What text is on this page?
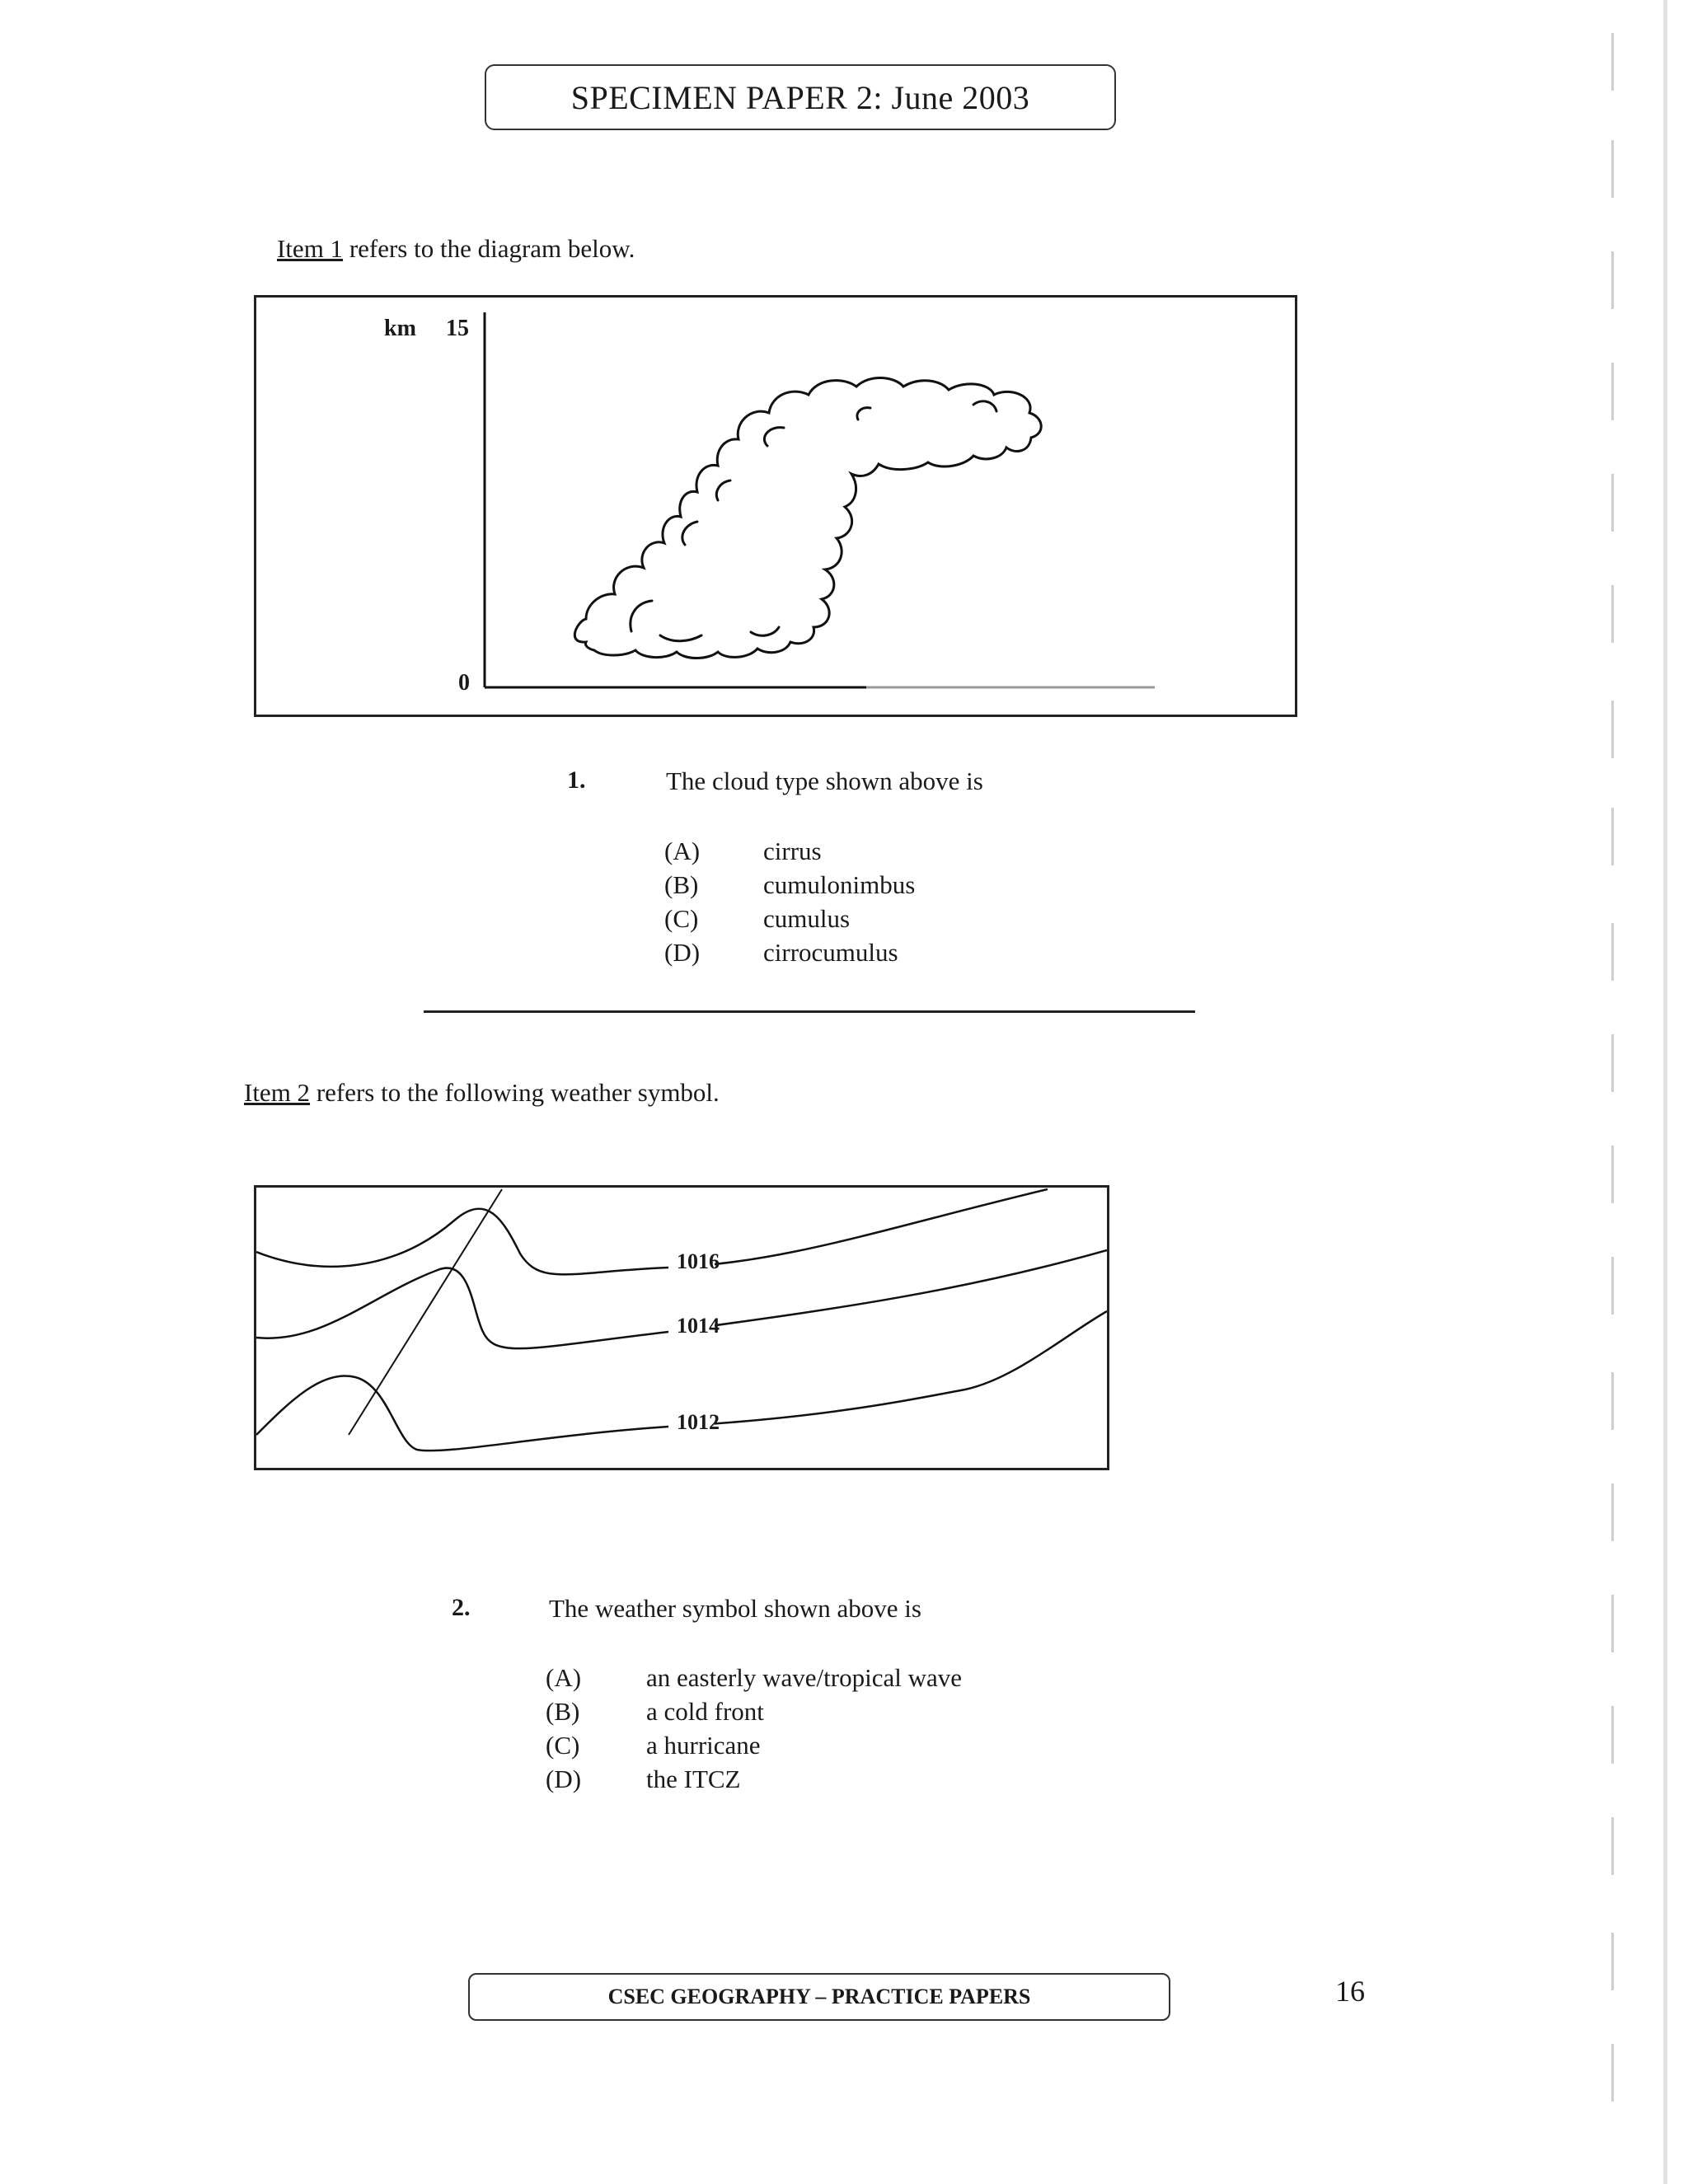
SPECIMEN PAPER 2: June 2003
Item 1 refers to the diagram below.
km 15
0
1.	The cloud type shown above is
(A) cirrus
(B)	cumulonimbus
(C)	cumulus
(D) cirrocumulus
Item 2 refers to the following weather symbol.
1016
1014
1012
2.	The weather symbol shown above is
(A)	an easterly wave/tropical wave
(B)	a cold front
(C)	a hurricane
(D)	the ITCZ
CSEC GEOGRAPHY – PRACTICE PAPERS	16
